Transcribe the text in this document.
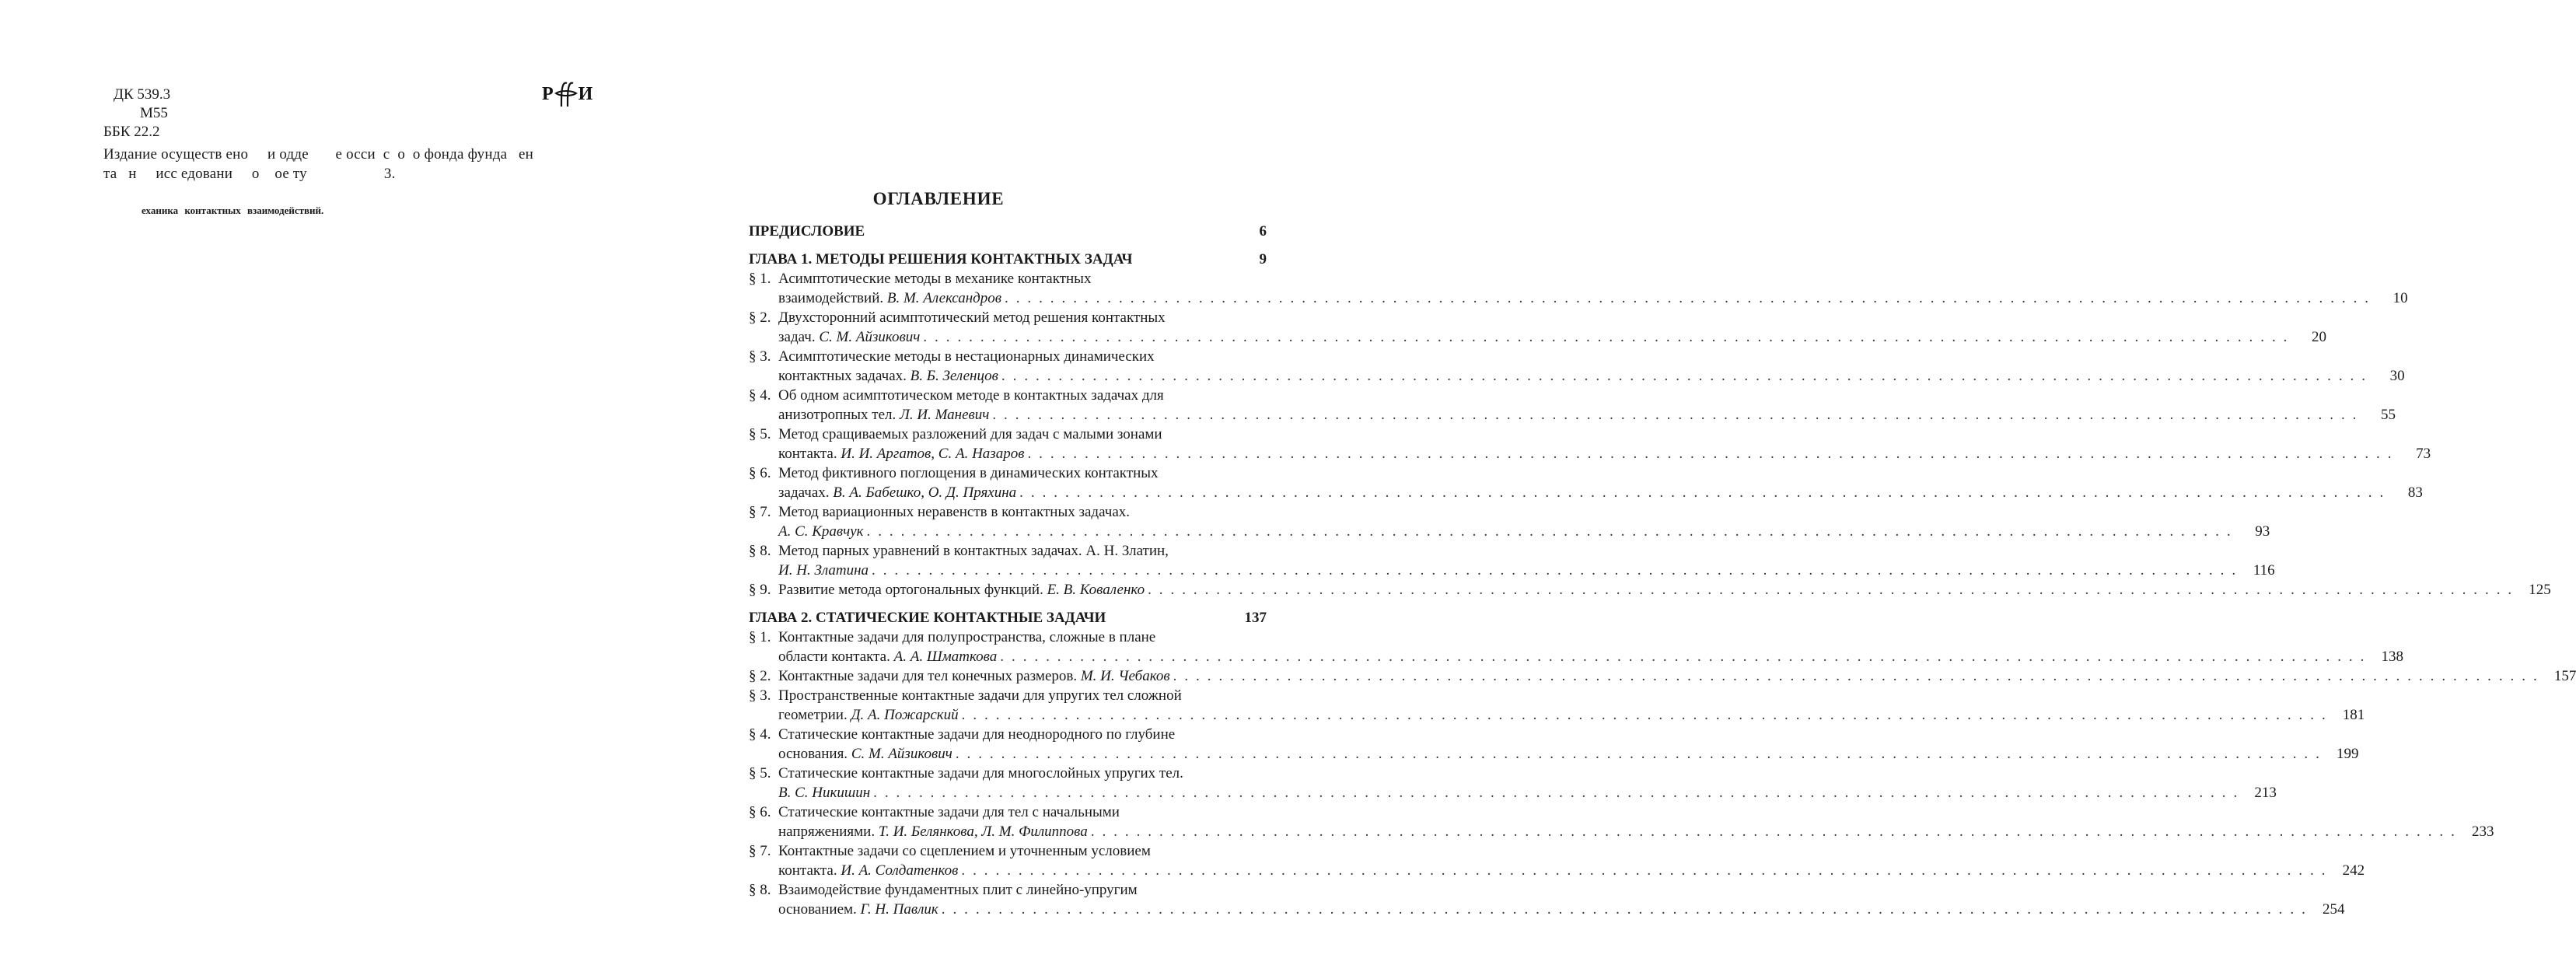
ДК 539.3
М55
ББК 22.2
Р И
Издание осуществ ено     и одде       е осси  с  о  о фонда фунда   ен
та   н     исс едовани     о    ое ту                    3.
еханика контактных взаимодействий.
ОГЛАВЛЕНИЕ
ПРЕДИСЛОВИЕ	6
ГЛАВА 1. МЕТОДЫ РЕШЕНИЯ КОНТАКТНЫХ ЗАДАЧ	9
§ 1. Асимптотические методы в механике контактных
взаимодействий. В. М. Александров . . . . . . . . . . . . . . . . . . . . . . . . . . . . . . . . . . . . . . . . . . . . . . . . . . . . . . . . . . . . . . . . . . . . . . . . . . . . . . . . . . . . . . . . . . . . . . . . . . . . . . . . . . . . . . . . . . . . . . . .	10
§ 2. Двухсторонний асимптотический метод решения контактных
задач. С. М. Айзикович . . . . . . . . . . . . . . . . . . . . . . . . . . . . . . . . . . . . . . . . . . . . . . . . . . . . . . . . . . . . . . . . . . . . . . . . . . . . . . . . . . . . . . . . . . . . . . . . . . . . . . . . . . . . . . . . . . . . . . . .	20
§ 3. Асимптотические методы в нестационарных динамических
контактных задачах. В. Б. Зеленцов . . . . . . . . . . . . . . . . . . . . . . . . . . . . . . . . . . . . . . . . . . . . . . . . . . . . . . . . . . . . . . . . . . . . . . . . . . . . . . . . . . . . . . . . . . . . . . . . . . . . . . . . . . . . . . . . . . . . . . . .	30
§ 4. Об одном асимптотическом методе в контактных задачах для
анизотропных тел. Л. И. Маневич . . . . . . . . . . . . . . . . . . . . . . . . . . . . . . . . . . . . . . . . . . . . . . . . . . . . . . . . . . . . . . . . . . . . . . . . . . . . . . . . . . . . . . . . . . . . . . . . . . . . . . . . . . . . . . . . . . . . . . . .	55
§ 5. Метод сращиваемых разложений для задач с малыми зонами
контакта. И. И. Аргатов, С. А. Назаров . . . . . . . . . . . . . . . . . . . . . . . . . . . . . . . . . . . . . . . . . . . . . . . . . . . . . . . . . . . . . . . . . . . . . . . . . . . . . . . . . . . . . . . . . . . . . . . . . . . . . . . . . . . . . . . . . . . . . . . .	73
§ 6. Метод фиктивного поглощения в динамических контактных
задачах. В. А. Бабешко, О. Д. Пряхина . . . . . . . . . . . . . . . . . . . . . . . . . . . . . . . . . . . . . . . . . . . . . . . . . . . . . . . . . . . . . . . . . . . . . . . . . . . . . . . . . . . . . . . . . . . . . . . . . . . . . . . . . . . . . . . . . . . . . . . .	83
§ 7. Метод вариационных неравенств в контактных задачах.
А. С. Кравчук . . . . . . . . . . . . . . . . . . . . . . . . . . . . . . . . . . . . . . . . . . . . . . . . . . . . . . . . . . . . . . . . . . . . . . . . . . . . . . . . . . . . . . . . . . . . . . . . . . . . . . . . . . . . . . . . . . . . . . . .	93
§ 8. Метод парных уравнений в контактных задачах. А. Н. Златин,
И. Н. Златина . . . . . . . . . . . . . . . . . . . . . . . . . . . . . . . . . . . . . . . . . . . . . . . . . . . . . . . . . . . . . . . . . . . . . . . . . . . . . . . . . . . . . . . . . . . . . . . . . . . . . . . . . . . . . . . . . . . . . . . .	116
§ 9. Развитие метода ортогональных функций. Е. В. Коваленко . . . . . . . . . . . . . . . . . . . . . . . . . . . . . . . . . . . . . . . . . . . . . . . . . . . . . . . . . . . . . . . . . . . . . . . . . . . . . . . . . . . . . . . . . . . . . . . . . . . . . . . . . . . . . . . . . . . . . . . .	125
ГЛАВА 2. СТАТИЧЕСКИЕ КОНТАКТНЫЕ ЗАДАЧИ	137
§ 1. Контактные задачи для полупространства, сложные в плане
области контакта. А. А. Шматкова . . . . . . . . . . . . . . . . . . . . . . . . . . . . . . . . . . . . . . . . . . . . . . . . . . . . . . . . . . . . . . . . . . . . . . . . . . . . . . . . . . . . . . . . . . . . . . . . . . . . . . . . . . . . . . . . . . . . . . . .	138
§ 2. Контактные задачи для тел конечных размеров. М. И. Чебаков . . . . . . . . . . . . . . . . . . . . . . . . . . . . . . . . . . . . . . . . . . . . . . . . . . . . . . . . . . . . . . . . . . . . . . . . . . . . . . . . . . . . . . . . . . . . . . . . . . . . . . . . . . . . . . . . . . . . . . . .	157
§ 3. Пространственные контактные задачи для упругих тел сложной
геометрии. Д. А. Пожарский . . . . . . . . . . . . . . . . . . . . . . . . . . . . . . . . . . . . . . . . . . . . . . . . . . . . . . . . . . . . . . . . . . . . . . . . . . . . . . . . . . . . . . . . . . . . . . . . . . . . . . . . . . . . . . . . . . . . . . . .	181
§ 4. Статические контактные задачи для неоднородного по глубине
основания. С. М. Айзикович . . . . . . . . . . . . . . . . . . . . . . . . . . . . . . . . . . . . . . . . . . . . . . . . . . . . . . . . . . . . . . . . . . . . . . . . . . . . . . . . . . . . . . . . . . . . . . . . . . . . . . . . . . . . . . . . . . . . . . . .	199
§ 5. Статические контактные задачи для многослойных упругих тел.
В. С. Никишин . . . . . . . . . . . . . . . . . . . . . . . . . . . . . . . . . . . . . . . . . . . . . . . . . . . . . . . . . . . . . . . . . . . . . . . . . . . . . . . . . . . . . . . . . . . . . . . . . . . . . . . . . . . . . . . . . . . . . . . .	213
§ 6. Статические контактные задачи для тел с начальными
напряжениями. Т. И. Белянкова, Л. М. Филиппова . . . . . . . . . . . . . . . . . . . . . . . . . . . . . . . . . . . . . . . . . . . . . . . . . . . . . . . . . . . . . . . . . . . . . . . . . . . . . . . . . . . . . . . . . . . . . . . . . . . . . . . . . . . . . . . . . . . . . . . .	233
§ 7. Контактные задачи со сцеплением и уточненным условием
контакта. И. А. Солдатенков . . . . . . . . . . . . . . . . . . . . . . . . . . . . . . . . . . . . . . . . . . . . . . . . . . . . . . . . . . . . . . . . . . . . . . . . . . . . . . . . . . . . . . . . . . . . . . . . . . . . . . . . . . . . . . . . . . . . . . . .	242
§ 8. Взаимодействие фундаментных плит с линейно-упругим
основанием. Г. Н. Павлик . . . . . . . . . . . . . . . . . . . . . . . . . . . . . . . . . . . . . . . . . . . . . . . . . . . . . . . . . . . . . . . . . . . . . . . . . . . . . . . . . . . . . . . . . . . . . . . . . . . . . . . . . . . . . . . . . . . . . . . .	254
